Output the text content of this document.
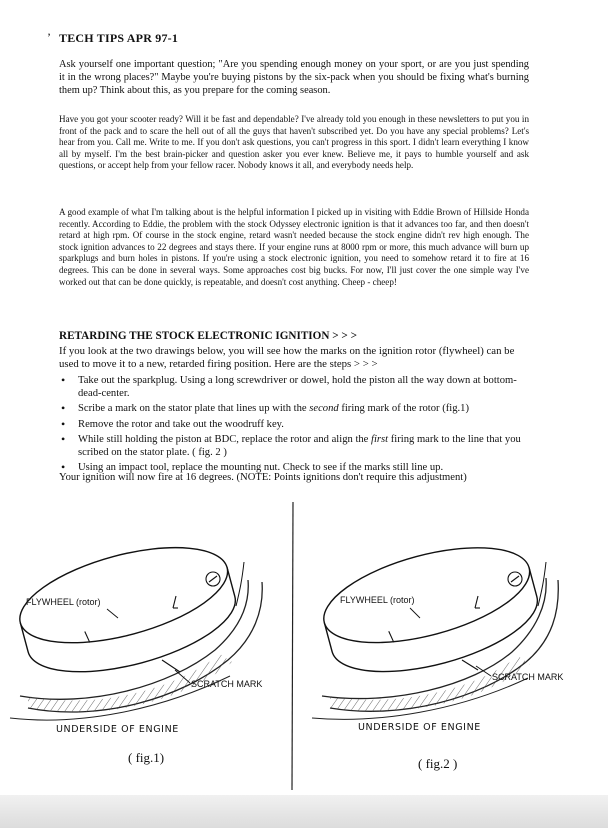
’ TECH TIPS APR 97-1
Ask yourself one important question; "Are you spending enough money on your sport, or are you just spending it in the wrong places?" Maybe you're buying pistons by the six-pack when you should be fixing what's burning them up? Think about this, as you prepare for the coming season.
Have you got your scooter ready? Will it be fast and dependable? I've already told you enough in these newsletters to put you in front of the pack and to scare the hell out of all the guys that haven't subscribed yet. Do you have any special problems? Let's hear from you. Call me. Write to me. If you don't ask questions, you can't progress in this sport. I didn't learn everything I know all by myself. I'm the best brain-picker and question asker you ever knew. Believe me, it pays to humble yourself and ask questions, or accept help from your fellow racer. Nobody knows it all, and everybody needs help.
A good example of what I'm talking about is the helpful information I picked up in visiting with Eddie Brown of Hillside Honda recently. According to Eddie, the problem with the stock Odyssey electronic ignition is that it advances too far, and then doesn't retard at high rpm. Of course in the stock engine, retard wasn't needed because the stock engine didn't rev high enough. The stock ignition advances to 22 degrees and stays there. If your engine runs at 8000 rpm or more, this much advance will burn up sparkplugs and burn holes in pistons. If you're using a stock electronic ignition, you need to somehow retard it to fire at 16 degrees. This can be done in several ways. Some approaches cost big bucks. For now, I'll just cover the one simple way I've worked out that can be done quickly, is repeatable, and doesn't cost anything. Cheep - cheep!
RETARDING THE STOCK ELECTRONIC IGNITION > > >
If you look at the two drawings below, you will see how the marks on the ignition rotor (flywheel) can be used to move it to a new, retarded firing position. Here are the steps > > >
• Take out the sparkplug. Using a long screwdriver or dowel, hold the piston all the way down at bottom-dead-center.
• Scribe a mark on the stator plate that lines up with the second firing mark of the rotor (fig.1)
• Remove the rotor and take out the woodruff key.
• While still holding the piston at BDC, replace the rotor and align the first firing mark to the line that you scribed on the stator plate. ( fig. 2 )
• Using an impact tool, replace the mounting nut. Check to see if the marks still line up.
Your ignition will now fire at 16 degrees. (NOTE: Points ignitions don't require this adjustment)
FLYWHEEL (rotor)
SCRATCH MARK
UNDERSIDE OF ENGINE
( fig.1)
FLYWHEEL (rotor)
SCRATCH MARK
UNDERSIDE OF ENGINE
( fig.2 )
